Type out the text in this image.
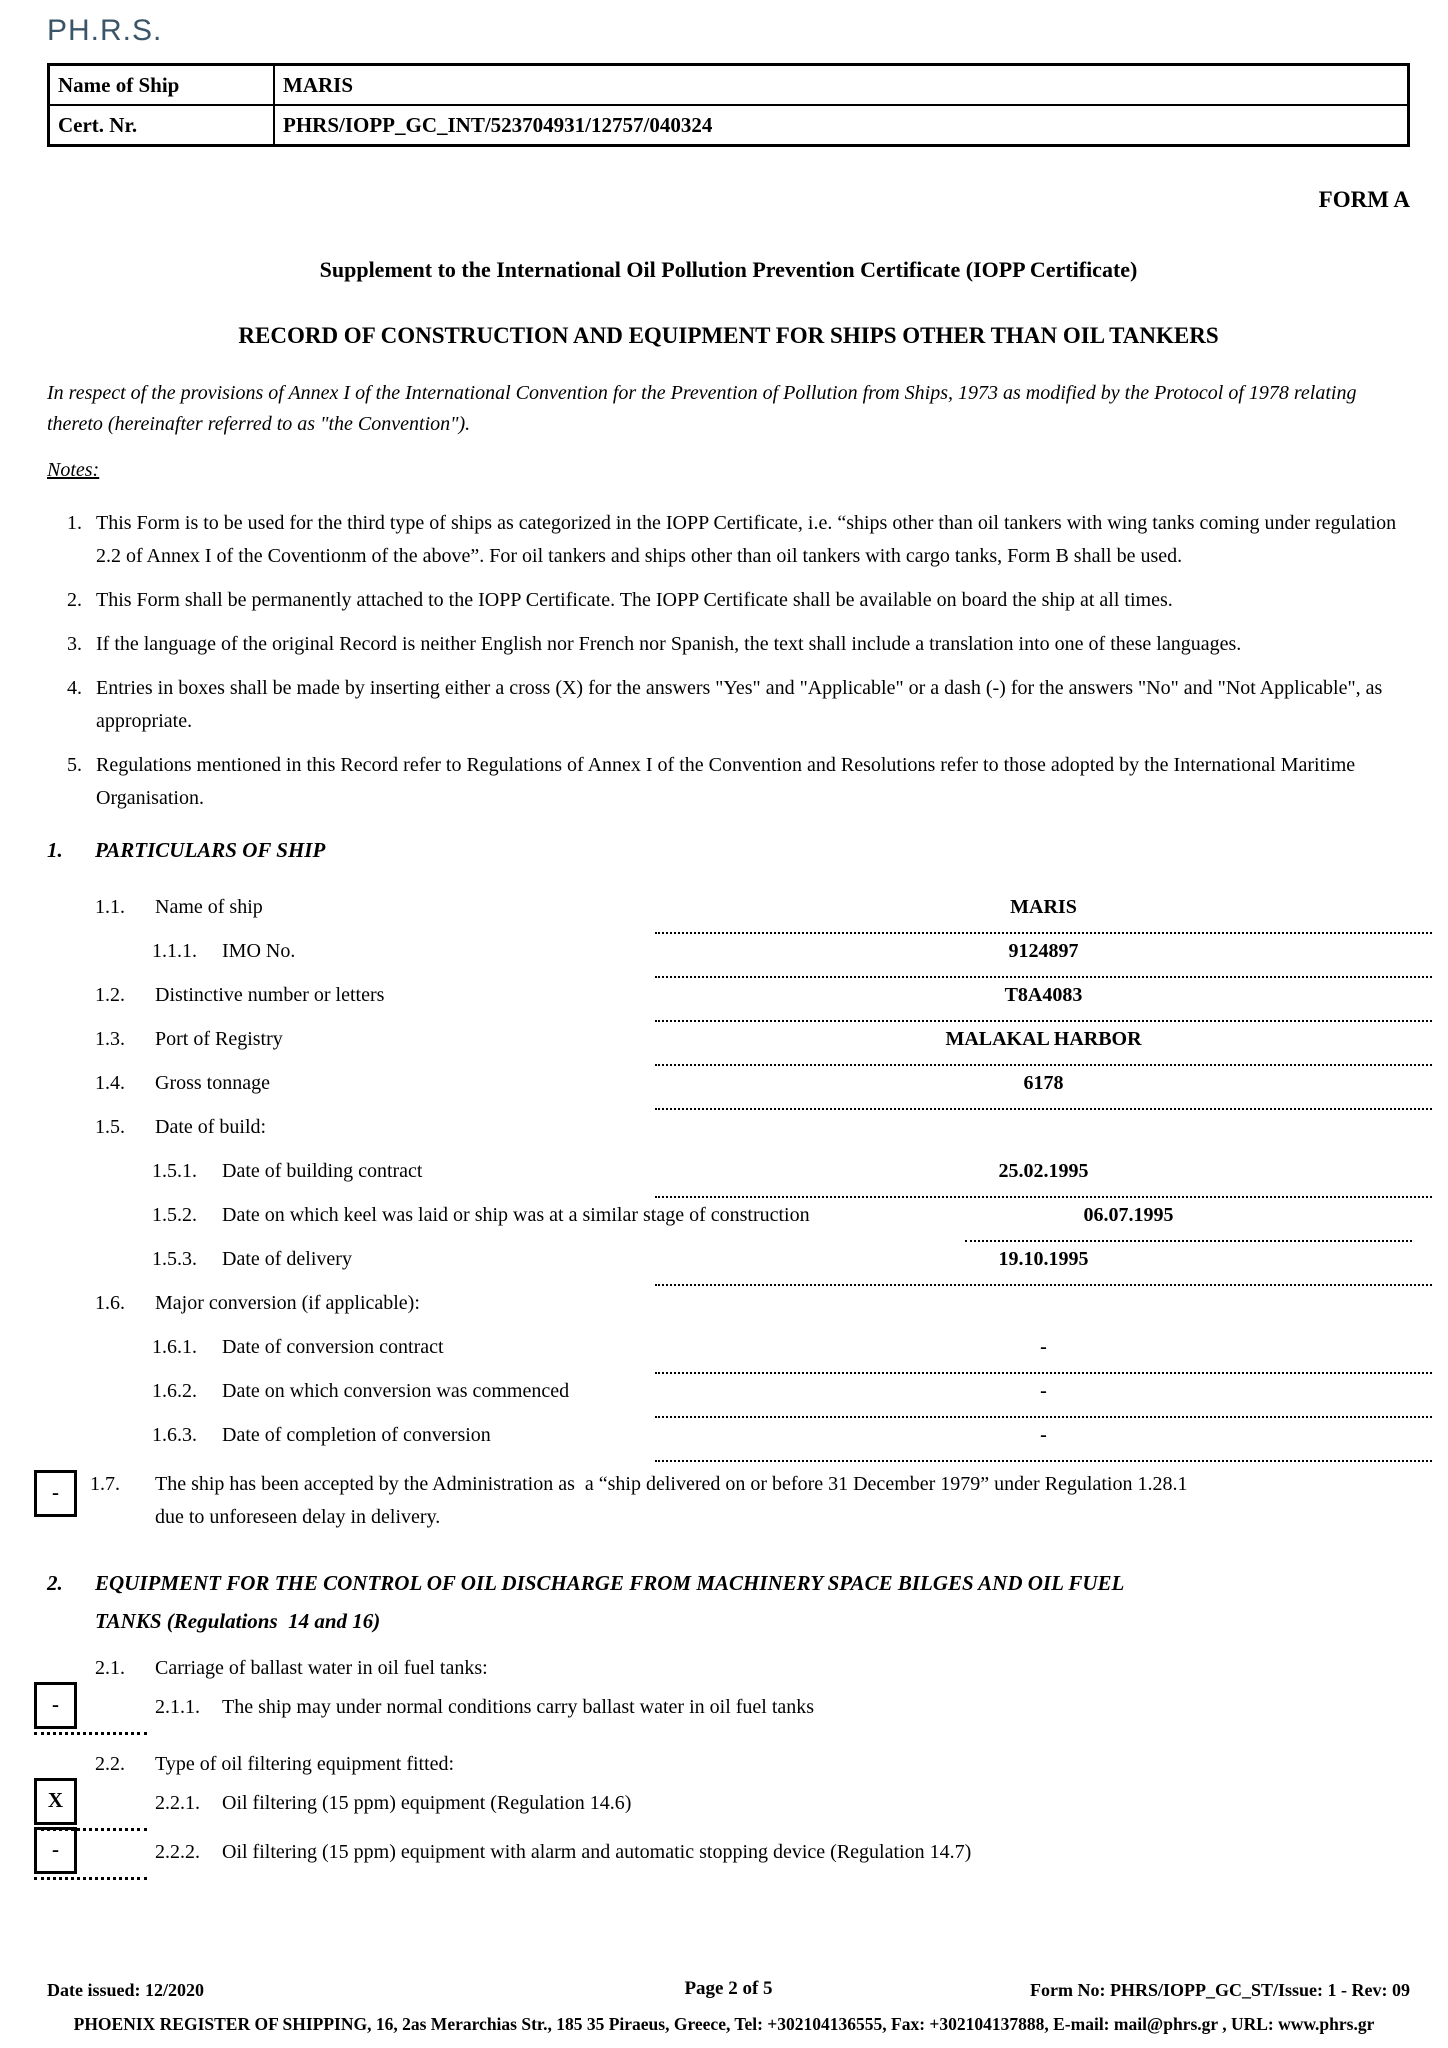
PH.R.S.
Name of Ship	MARIS
Cert. Nr.	PHRS/IOPP_GC_INT/523704931/12757/040324
FORM A
Supplement to the International Oil Pollution Prevention Certificate (IOPP Certificate)
RECORD OF CONSTRUCTION AND EQUIPMENT FOR SHIPS OTHER THAN OIL TANKERS

In respect of the provisions of Annex I of the International Convention for the Prevention of Pollution from Ships, 1973 as modified by the Protocol of 1978 relating thereto (hereinafter referred to as "the Convention").

Notes:
1. This Form is to be used for the third type of ships as categorized in the IOPP Certificate, i.e. “ships other than oil tankers with wing tanks coming under regulation 2.2 of Annex I of the Coventionm of the above”. For oil tankers and ships other than oil tankers with cargo tanks, Form B shall be used.
2. This Form shall be permanently attached to the IOPP Certificate. The IOPP Certificate shall be available on board the ship at all times.
3. If the language of the original Record is neither English nor French nor Spanish, the text shall include a translation into one of these languages.
4. Entries in boxes shall be made by inserting either a cross (X) for the answers "Yes" and "Applicable" or a dash (-) for the answers "No" and "Not Applicable", as appropriate.
5. Regulations mentioned in this Record refer to Regulations of Annex I of the Convention and Resolutions refer to those adopted by the International Maritime Organisation.
1. PARTICULARS OF SHIP
1.1. Name of ship	MARIS
1.1.1. IMO No.	9124897
1.2. Distinctive number or letters	T8A4083
1.3. Port of Registry	MALAKAL HARBOR
1.4. Gross tonnage	6178
1.5. Date of build:
1.5.1. Date of building contract	25.02.1995
1.5.2. Date on which keel was laid or ship was at a similar stage of construction	06.07.1995
1.5.3. Date of delivery	19.10.1995
1.6. Major conversion (if applicable):
1.6.1. Date of conversion contract	-
1.6.2. Date on which conversion was commenced	-
1.6.3. Date of completion of conversion	-
-	1.7. The ship has been accepted by the Administration as  a “ship delivered on or before 31 December 1979” under Regulation 1.28.1
due to unforeseen delay in delivery.
2. EQUIPMENT FOR THE CONTROL OF OIL DISCHARGE FROM MACHINERY SPACE BILGES AND OIL FUEL
TANKS (Regulations  14 and 16)
2.1. Carriage of ballast water in oil fuel tanks:
-	2.1.1. The ship may under normal conditions carry ballast water in oil fuel tanks
2.2. Type of oil filtering equipment fitted:
X	2.2.1. Oil filtering (15 ppm) equipment (Regulation 14.6)
-	2.2.2. Oil filtering (15 ppm) equipment with alarm and automatic stopping device (Regulation 14.7)
Date issued: 12/2020	Page 2 of 5	Form No: PHRS/IOPP_GC_ST/Issue: 1 - Rev: 09
PHOENIX REGISTER OF SHIPPING, 16, 2as Merarchias Str., 185 35 Piraeus, Greece, Tel: +302104136555, Fax: +302104137888, E-mail: mail@phrs.gr , URL: www.phrs.gr
